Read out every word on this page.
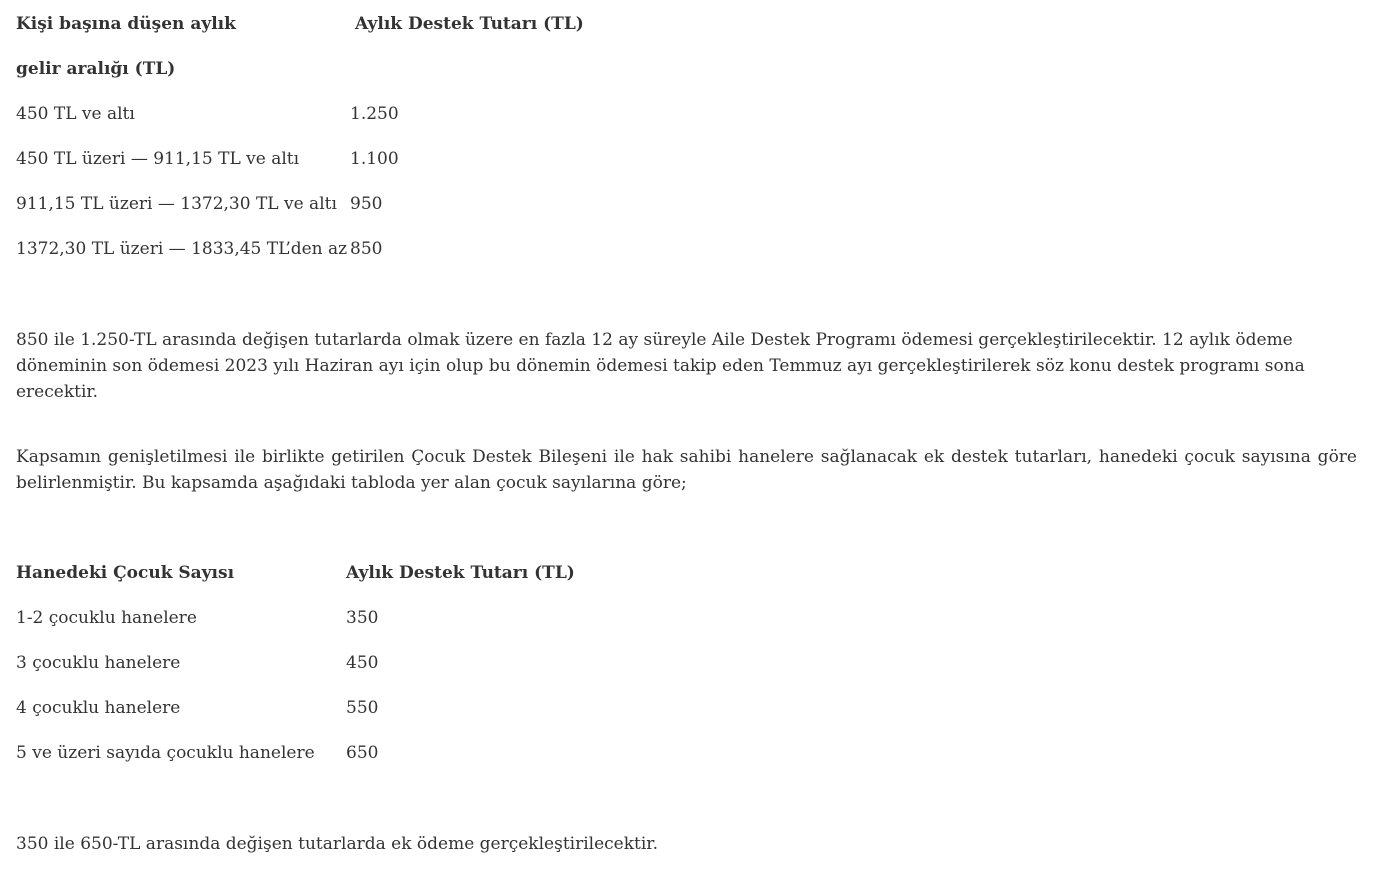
Kişi başına düşen aylık	Aylık Destek Tutarı (TL)
gelir aralığı (TL)
450 TL ve altı	1.250
450 TL üzeri — 911,15 TL ve altı	1.100
911,15 TL üzeri — 1372,30 TL ve altı 950
1372,30 TL üzeri — 1833,45 TL’den az 850
850 ile 1.250-TL arasında değişen tutarlarda olmak üzere en fazla 12 ay süreyle Aile Destek Programı ödemesi gerçekleştirilecektir. 12 aylık ödeme döneminin son ödemesi 2023 yılı Haziran ayı için olup bu dönemin ödemesi takip eden Temmuz ayı gerçekleştirilerek söz konu destek programı sona erecektir.
Kapsamın genişletilmesi ile birlikte getirilen Çocuk Destek Bileşeni ile hak sahibi hanelere sağlanacak ek destek tutarları, hanedeki çocuk sayısına göre belirlenmiştir. Bu kapsamda aşağıdaki tabloda yer alan çocuk sayılarına göre;
Hanedeki Çocuk Sayısı	Aylık Destek Tutarı (TL)
1-2 çocuklu hanelere	350
3 çocuklu hanelere	450
4 çocuklu hanelere	550
5 ve üzeri sayıda çocuklu hanelere 650
350 ile 650-TL arasında değişen tutarlarda ek ödeme gerçekleştirilecektir.
